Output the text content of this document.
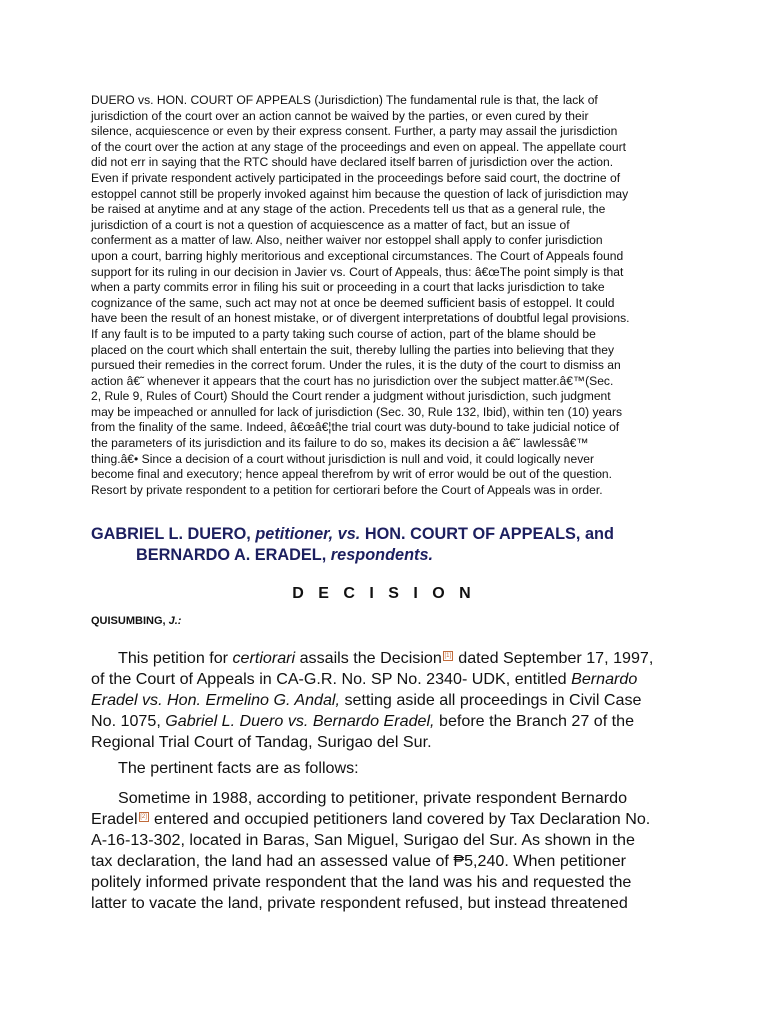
DUERO vs. HON. COURT OF APPEALS (Jurisdiction) The fundamental rule is that, the lack of
jurisdiction of the court over an action cannot be waived by the parties, or even cured by their
silence, acquiescence or even by their express consent. Further, a party may assail the jurisdiction
of the court over the action at any stage of the proceedings and even on appeal. The appellate court
did not err in saying that the RTC should have declared itself barren of jurisdiction over the action.
Even if private respondent actively participated in the proceedings before said court, the doctrine of
estoppel cannot still be properly invoked against him because the question of lack of jurisdiction may
be raised at anytime and at any stage of the action. Precedents tell us that as a general rule, the
jurisdiction of a court is not a question of acquiescence as a matter of fact, but an issue of
conferment as a matter of law. Also, neither waiver nor estoppel shall apply to confer jurisdiction
upon a court, barring highly meritorious and exceptional circumstances. The Court of Appeals found
support for its ruling in our decision in Javier vs. Court of Appeals, thus: â€œThe point simply is that
when a party commits error in filing his suit or proceeding in a court that lacks jurisdiction to take
cognizance of the same, such act may not at once be deemed sufficient basis of estoppel. It could
have been the result of an honest mistake, or of divergent interpretations of doubtful legal provisions.
If any fault is to be imputed to a party taking such course of action, part of the blame should be
placed on the court which shall entertain the suit, thereby lulling the parties into believing that they
pursued their remedies in the correct forum. Under the rules, it is the duty of the court to dismiss an
action â€˜ whenever it appears that the court has no jurisdiction over the subject matter.â€™(Sec.
2, Rule 9, Rules of Court) Should the Court render a judgment without jurisdiction, such judgment
may be impeached or annulled for lack of jurisdiction (Sec. 30, Rule 132, Ibid), within ten (10) years
from the finality of the same. Indeed, â€œâ€¦the trial court was duty-bound to take judicial notice of
the parameters of its jurisdiction and its failure to do so, makes its decision a â€˜ lawlessâ€™
thing.â€• Since a decision of a court without jurisdiction is null and void, it could logically never
become final and executory; hence appeal therefrom by writ of error would be out of the question.
Resort by private respondent to a petition for certiorari before the Court of Appeals was in order.
GABRIEL L. DUERO, petitioner, vs. HON. COURT OF APPEALS, and
BERNARDO A. ERADEL, respondents.
D E C I S I O N
QUISUMBING, J.:
This petition for certiorari assails the Decision [1] dated September 17, 1997,
of the Court of Appeals in CA-G.R. No. SP No. 2340- UDK, entitled Bernardo
Eradel vs. Hon. Ermelino G. Andal, setting aside all proceedings in Civil Case
No. 1075, Gabriel L. Duero vs. Bernardo Eradel, before the Branch 27 of the
Regional Trial Court of Tandag, Surigao del Sur.
The pertinent facts are as follows:
Sometime in 1988, according to petitioner, private respondent Bernardo
Eradel [2] entered and occupied petitioners land covered by Tax Declaration No.
A-16-13-302, located in Baras, San Miguel, Surigao del Sur. As shown in the
tax declaration, the land had an assessed value of ₱5,240. When petitioner
politely informed private respondent that the land was his and requested the
latter to vacate the land, private respondent refused, but instead threatened
